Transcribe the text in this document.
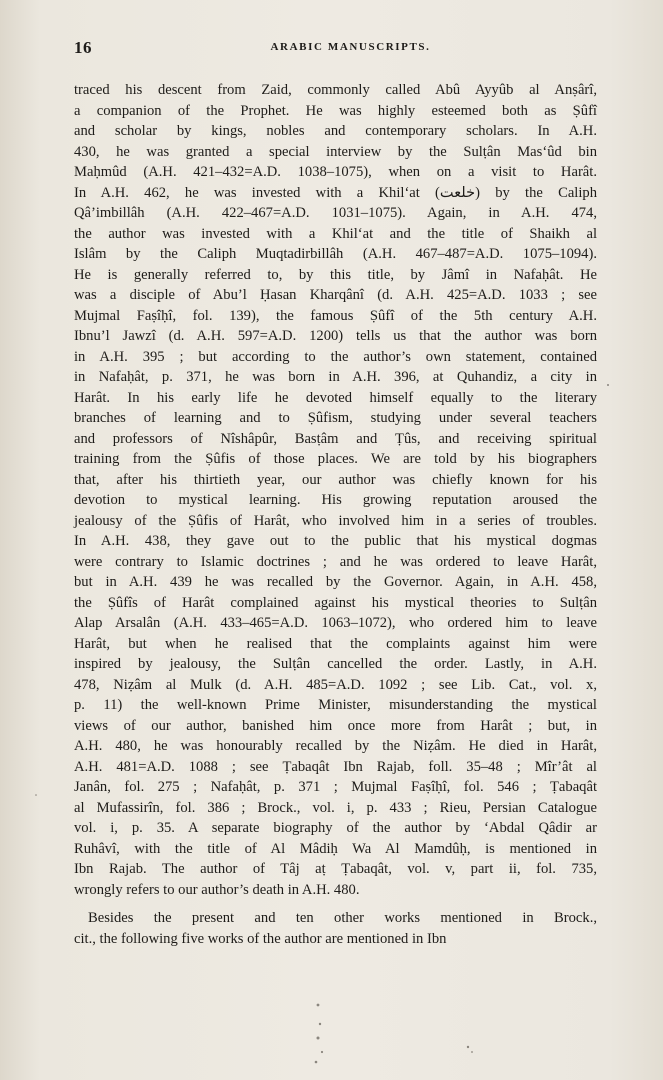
16	ARABIC MANUSCRIPTS.
traced his descent from Zaid, commonly called Abû Ayyûb al Anṣârî,
a companion of the Prophet. He was highly esteemed both as Ṣûfî
and scholar by kings, nobles and contemporary scholars. In A.H.
430, he was granted a special interview by the Sulṭân Mas‘ûd bin
Maḥmûd (A.H. 421–432=A.D. 1038–1075), when on a visit to Harât.
In A.H. 462, he was invested with a Khil‘at (خلعت) by the Caliph
Qâ’imbillâh (A.H. 422–467=A.D. 1031–1075). Again, in A.H. 474,
the author was invested with a Khil‘at and the title of Shaikh al
Islâm by the Caliph Muqtadirbillâh (A.H. 467–487=A.D. 1075–1094).
He is generally referred to, by this title, by Jâmî in Nafaḥât. He
was a disciple of Abu’l Ḥasan Kharqânî (d. A.H. 425=A.D. 1033 ; see
Mujmal Faṣîḥî, fol. 139), the famous Ṣûfî of the 5th century A.H.
Ibnu’l Jawzî (d. A.H. 597=A.D. 1200) tells us that the author was born
in A.H. 395 ; but according to the author’s own statement, contained
in Nafaḥât, p. 371, he was born in A.H. 396, at Quhandiz, a city in
Harât. In his early life he devoted himself equally to the literary
branches of learning and to Ṣûfism, studying under several teachers
and professors of Nîshâpûr, Basṭâm and Ṭûs, and receiving spiritual
training from the Ṣûfis of those places. We are told by his biographers
that, after his thirtieth year, our author was chiefly known for his
devotion to mystical learning. His growing reputation aroused the
jealousy of the Ṣûfis of Harât, who involved him in a series of troubles.
In A.H. 438, they gave out to the public that his mystical dogmas
were contrary to Islamic doctrines ; and he was ordered to leave Harât,
but in A.H. 439 he was recalled by the Governor. Again, in A.H. 458,
the Ṣûfîs of Harât complained against his mystical theories to Sulṭân
Alap Arsalân (A.H. 433–465=A.D. 1063–1072), who ordered him to leave
Harât, but when he realised that the complaints against him were
inspired by jealousy, the Sulṭân cancelled the order. Lastly, in A.H.
478, Niẓâm al Mulk (d. A.H. 485=A.D. 1092 ; see Lib. Cat., vol. x,
p. 11) the well-known Prime Minister, misunderstanding the mystical
views of our author, banished him once more from Harât ; but, in
A.H. 480, he was honourably recalled by the Niẓâm. He died in Harât,
A.H. 481=A.D. 1088 ; see Ṭabaqât Ibn Rajab, foll. 35–48 ; Mîr’ât al
Janân, fol. 275 ; Nafaḥât, p. 371 ; Mujmal Faṣîḥî, fol. 546 ; Ṭabaqât
al Mufassirîn, fol. 386 ; Brock., vol. i, p. 433 ; Rieu, Persian Catalogue
vol. i, p. 35. A separate biography of the author by ‘Abdal Qâdir ar
Ruhâvî, with the title of Al Mâdiḥ Wa Al Mamdûḥ, is mentioned in
Ibn Rajab. The author of Tâj aṭ Ṭabaqât, vol. v, part ii, fol. 735,
wrongly refers to our author’s death in A.H. 480.
Besides the present and ten other works mentioned in Brock.,
cit., the following five works of the author are mentioned in Ibn
